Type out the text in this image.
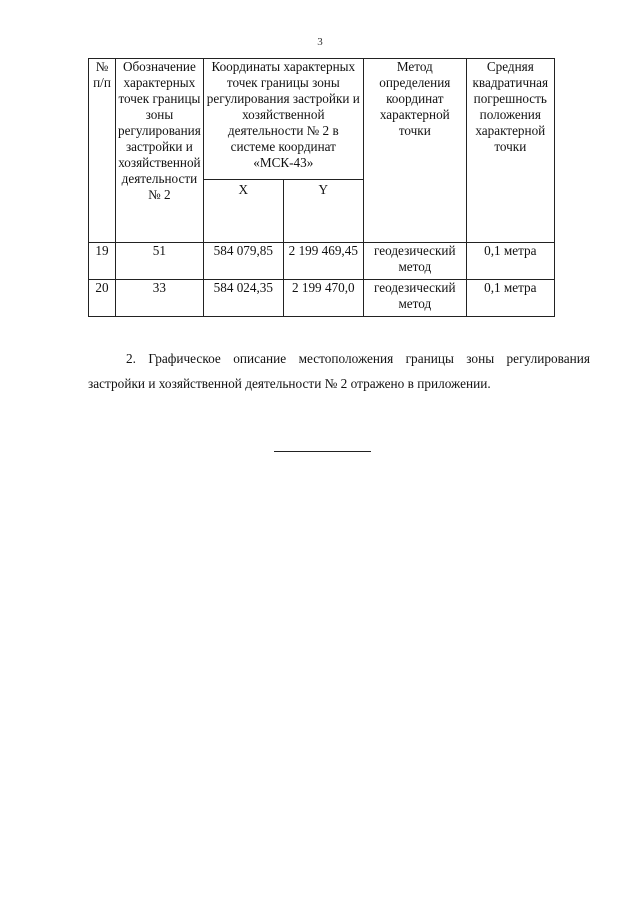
3
№ п/п	Обозначение характерных точек границы зоны регулирования застройки и хозяйственной деятельности № 2	Координаты характерных точек границы зоны регулирования застройки и хозяйственной деятельности № 2 в системе координат «МСК-43»		Метод определения координат характерной точки	Средняя квадратичная погрешность положения характерной точки
		X	Y		
19	51	584 079,85	2 199 469,45	геодезический метод	0,1 метра
20	33	584 024,35	2 199 470,0	геодезический метод	0,1 метра

2. Графическое описание местоположения границы зоны регулирования застройки и хозяйственной деятельности № 2 отражено в приложении.
